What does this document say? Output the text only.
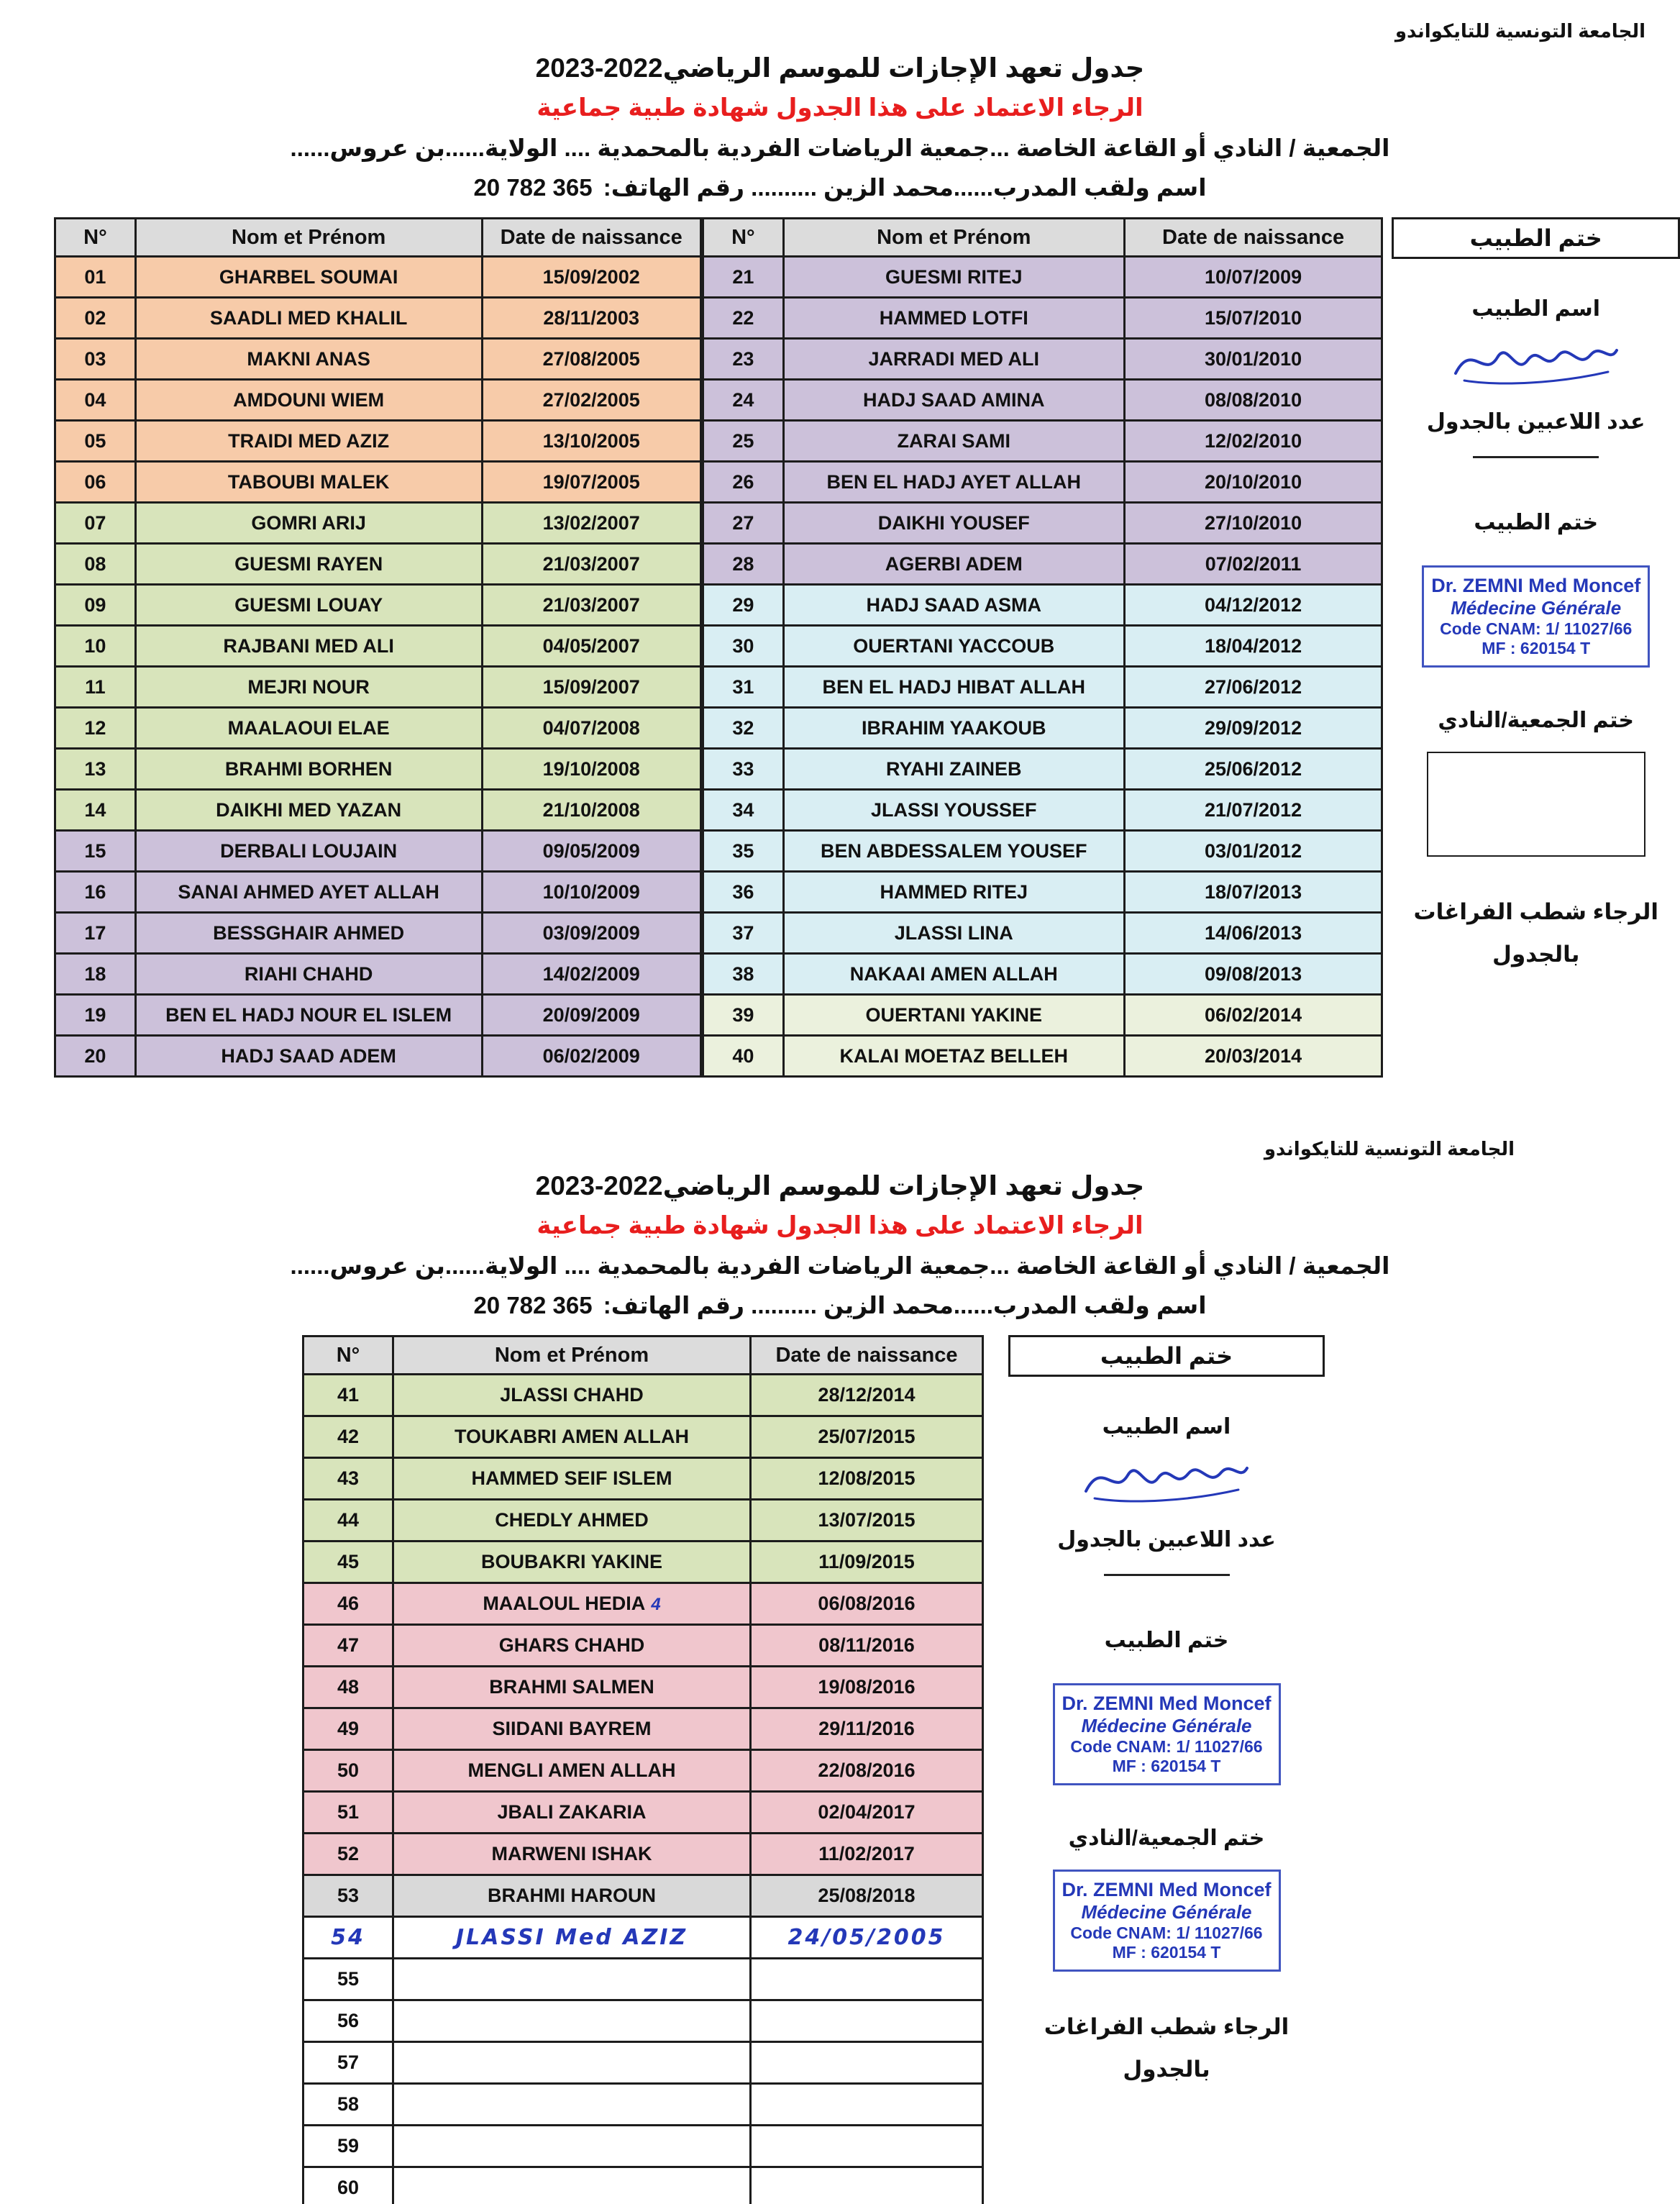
الجامعة التونسية للتايكواندو
جدول تعهد الإجازات للموسم الرياضي2022-2023
الرجاء الاعتماد على هذا الجدول شهادة طبية جماعية
الجمعية / النادي أو القاعة الخاصة ...جمعية الرياضات الفردية بالمحمدية .... الولاية......بن عروس......
اسم ولقب المدرب......محمد الزين .......... رقم الهاتف: 20 782 365
N°	Nom et Prénom	Date de naissance
01	GHARBEL SOUMAI	15/09/2002
02	SAADLI MED KHALIL	28/11/2003
03	MAKNI ANAS	27/08/2005
04	AMDOUNI WIEM	27/02/2005
05	TRAIDI MED AZIZ	13/10/2005
06	TABOUBI MALEK	19/07/2005
07	GOMRI ARIJ	13/02/2007
08	GUESMI RAYEN	21/03/2007
09	GUESMI LOUAY	21/03/2007
10	RAJBANI MED ALI	04/05/2007
11	MEJRI NOUR	15/09/2007
12	MAALAOUI ELAE	04/07/2008
13	BRAHMI BORHEN	19/10/2008
14	DAIKHI MED YAZAN	21/10/2008
15	DERBALI LOUJAIN	09/05/2009
16	SANAI AHMED AYET ALLAH	10/10/2009
17	BESSGHAIR AHMED	03/09/2009
18	RIAHI CHAHD	14/02/2009
19	BEN EL HADJ NOUR EL ISLEM	20/09/2009
20	HADJ SAAD ADEM	06/02/2009
N°	Nom et Prénom	Date de naissance
21	GUESMI RITEJ	10/07/2009
22	HAMMED LOTFI	15/07/2010
23	JARRADI MED ALI	30/01/2010
24	HADJ SAAD AMINA	08/08/2010
25	ZARAI SAMI	12/02/2010
26	BEN EL HADJ AYET ALLAH	20/10/2010
27	DAIKHI YOUSEF	27/10/2010
28	AGERBI ADEM	07/02/2011
29	HADJ SAAD ASMA	04/12/2012
30	OUERTANI YACCOUB	18/04/2012
31	BEN EL HADJ HIBAT ALLAH	27/06/2012
32	IBRAHIM YAAKOUB	29/09/2012
33	RYAHI ZAINEB	25/06/2012
34	JLASSI YOUSSEF	21/07/2012
35	BEN ABDESSALEM YOUSEF	03/01/2012
36	HAMMED RITEJ	18/07/2013
37	JLASSI LINA	14/06/2013
38	NAKAAI AMEN ALLAH	09/08/2013
39	OUERTANI YAKINE	06/02/2014
40	KALAI MOETAZ BELLEH	20/03/2014
ختم الطبيب
اسم الطبيب
عدد اللاعبين بالجدول
ختم الطبيب
Dr. ZEMNI Med Moncef
Médecine Générale
Code CNAM: 1/ 11027/66
MF : 620154 T
ختم الجمعية/النادي
الرجاء شطب الفراغات
بالجدول
الجامعة التونسية للتايكواندو
جدول تعهد الإجازات للموسم الرياضي2022-2023
الرجاء الاعتماد على هذا الجدول شهادة طبية جماعية
الجمعية / النادي أو القاعة الخاصة ...جمعية الرياضات الفردية بالمحمدية .... الولاية......بن عروس......
اسم ولقب المدرب......محمد الزين .......... رقم الهاتف: 20 782 365
N°	Nom et Prénom	Date de naissance
41	JLASSI CHAHD	28/12/2014
42	TOUKABRI AMEN ALLAH	25/07/2015
43	HAMMED SEIF ISLEM	12/08/2015
44	CHEDLY AHMED	13/07/2015
45	BOUBAKRI YAKINE	11/09/2015
46	MAALOUL HEDIA 4	06/08/2016
47	GHARS CHAHD	08/11/2016
48	BRAHMI SALMEN	19/08/2016
49	SIIDANI BAYREM	29/11/2016
50	MENGLI AMEN ALLAH	22/08/2016
51	JBALI ZAKARIA	02/04/2017
52	MARWENI ISHAK	11/02/2017
53	BRAHMI HAROUN	25/08/2018
54	JLASSI Med AZIZ	24/05/2005
55		
56		
57		
58		
59		
60		
ختم الطبيب
اسم الطبيب
عدد اللاعبين بالجدول
ختم الطبيب
Dr. ZEMNI Med Moncef
Médecine Générale
Code CNAM: 1/ 11027/66
MF : 620154 T
ختم الجمعية/النادي
Dr. ZEMNI Med Moncef
Médecine Générale
Code CNAM: 1/ 11027/66
MF : 620154 T
الرجاء شطب الفراغات
بالجدول
